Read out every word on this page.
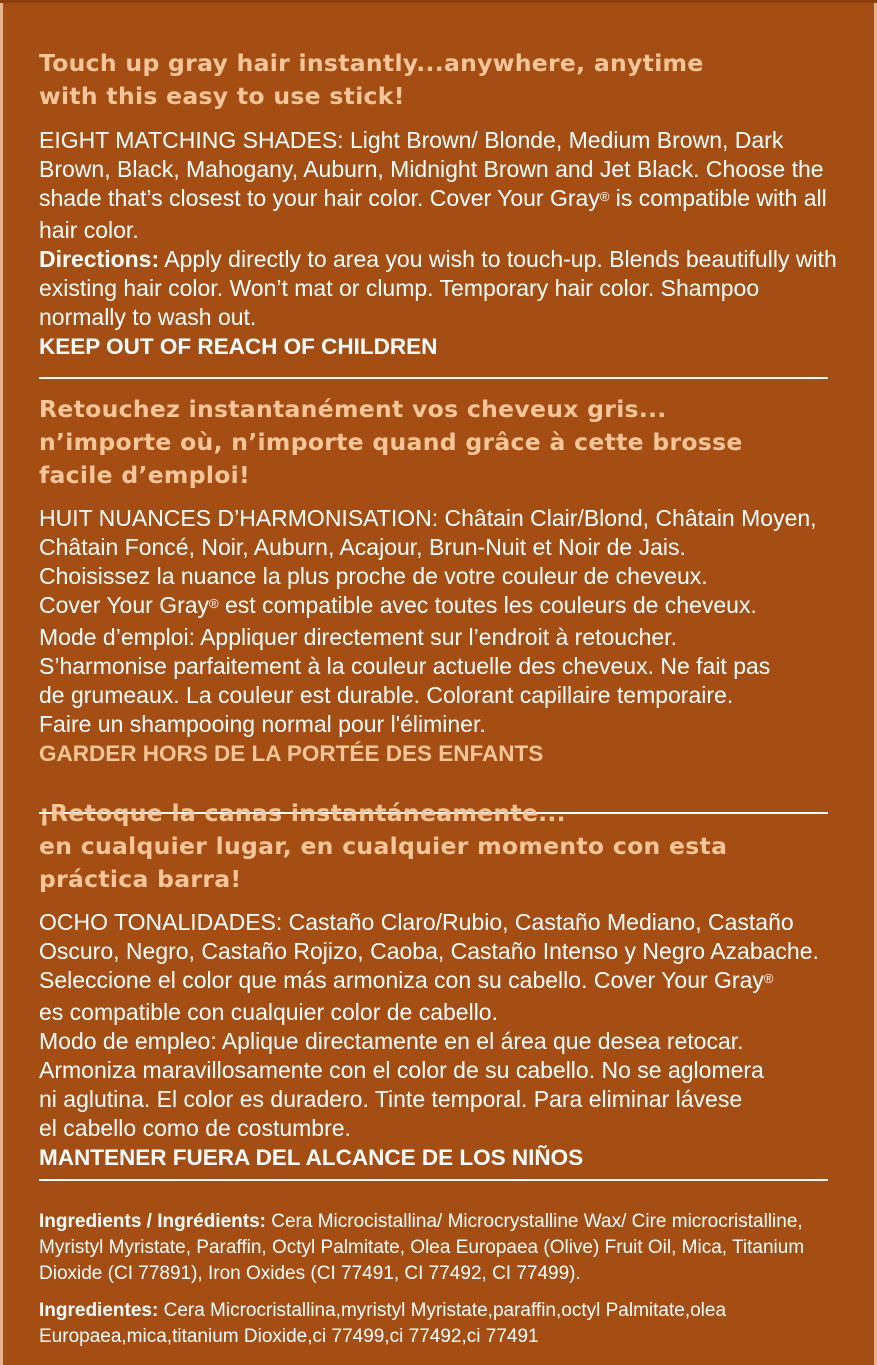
Touch up gray hair instantly...anywhere, anytime
with this easy to use stick!

EIGHT MATCHING SHADES: Light Brown/ Blonde, Medium Brown, Dark Brown, Black, Mahogany, Auburn, Midnight Brown and Jet Black. Choose the shade that’s closest to your hair color. Cover Your Gray® is compatible with all hair color.

Directions: Apply directly to area you wish to touch-up. Blends beautifully with existing hair color. Won’t mat or clump. Temporary hair color. Shampoo normally to wash out.

KEEP OUT OF REACH OF CHILDREN

Retouchez instantanément vos cheveux gris...
n’importe où, n’importe quand grâce à cette brosse
facile d’emploi!

HUIT NUANCES D’HARMONISATION: Châtain Clair/Blond, Châtain Moyen,
Châtain Foncé, Noir, Auburn, Acajour, Brun-Nuit et Noir de Jais.
Choisissez la nuance la plus proche de votre couleur de cheveux.
Cover Your Gray® est compatible avec toutes les couleurs de cheveux.
Mode d’emploi: Appliquer directement sur l’endroit à retoucher.
S’harmonise parfaitement à la couleur actuelle des cheveux. Ne fait pas
de grumeaux. La couleur est durable. Colorant capillaire temporaire.
Faire un shampooing normal pour l'éliminer.

GARDER HORS DE LA PORTÉE DES ENFANTS

¡Retoque la canas instantáneamente...
en cualquier lugar, en cualquier momento con esta
práctica barra!

OCHO TONALIDADES: Castaño Claro/Rubio, Castaño Mediano, Castaño
Oscuro, Negro, Castaño Rojizo, Caoba, Castaño Intenso y Negro Azabache.
Seleccione el color que más armoniza con su cabello. Cover Your Gray®
es compatible con cualquier color de cabello.
Modo de empleo: Aplique directamente en el área que desea retocar.
Armoniza maravillosamente con el color de su cabello. No se aglomera
ni aglutina. El color es duradero. Tinte temporal. Para eliminar lávese
el cabello como de costumbre.

MANTENER FUERA DEL ALCANCE DE LOS NIÑOS

Ingredients / Ingrédients: Cera Microcistallina/ Microcrystalline Wax/ Cire microcristalline, Myristyl Myristate, Paraffin, Octyl Palmitate, Olea Europaea (Olive) Fruit Oil, Mica, Titanium Dioxide (CI 77891), Iron Oxides (CI 77491, CI 77492, CI 77499).

Ingredientes: Cera Microcristallina,myristyl Myristate,paraffin,octyl Palmitate,olea Europaea,mica,titanium Dioxide,ci 77499,ci 77492,ci 77491
